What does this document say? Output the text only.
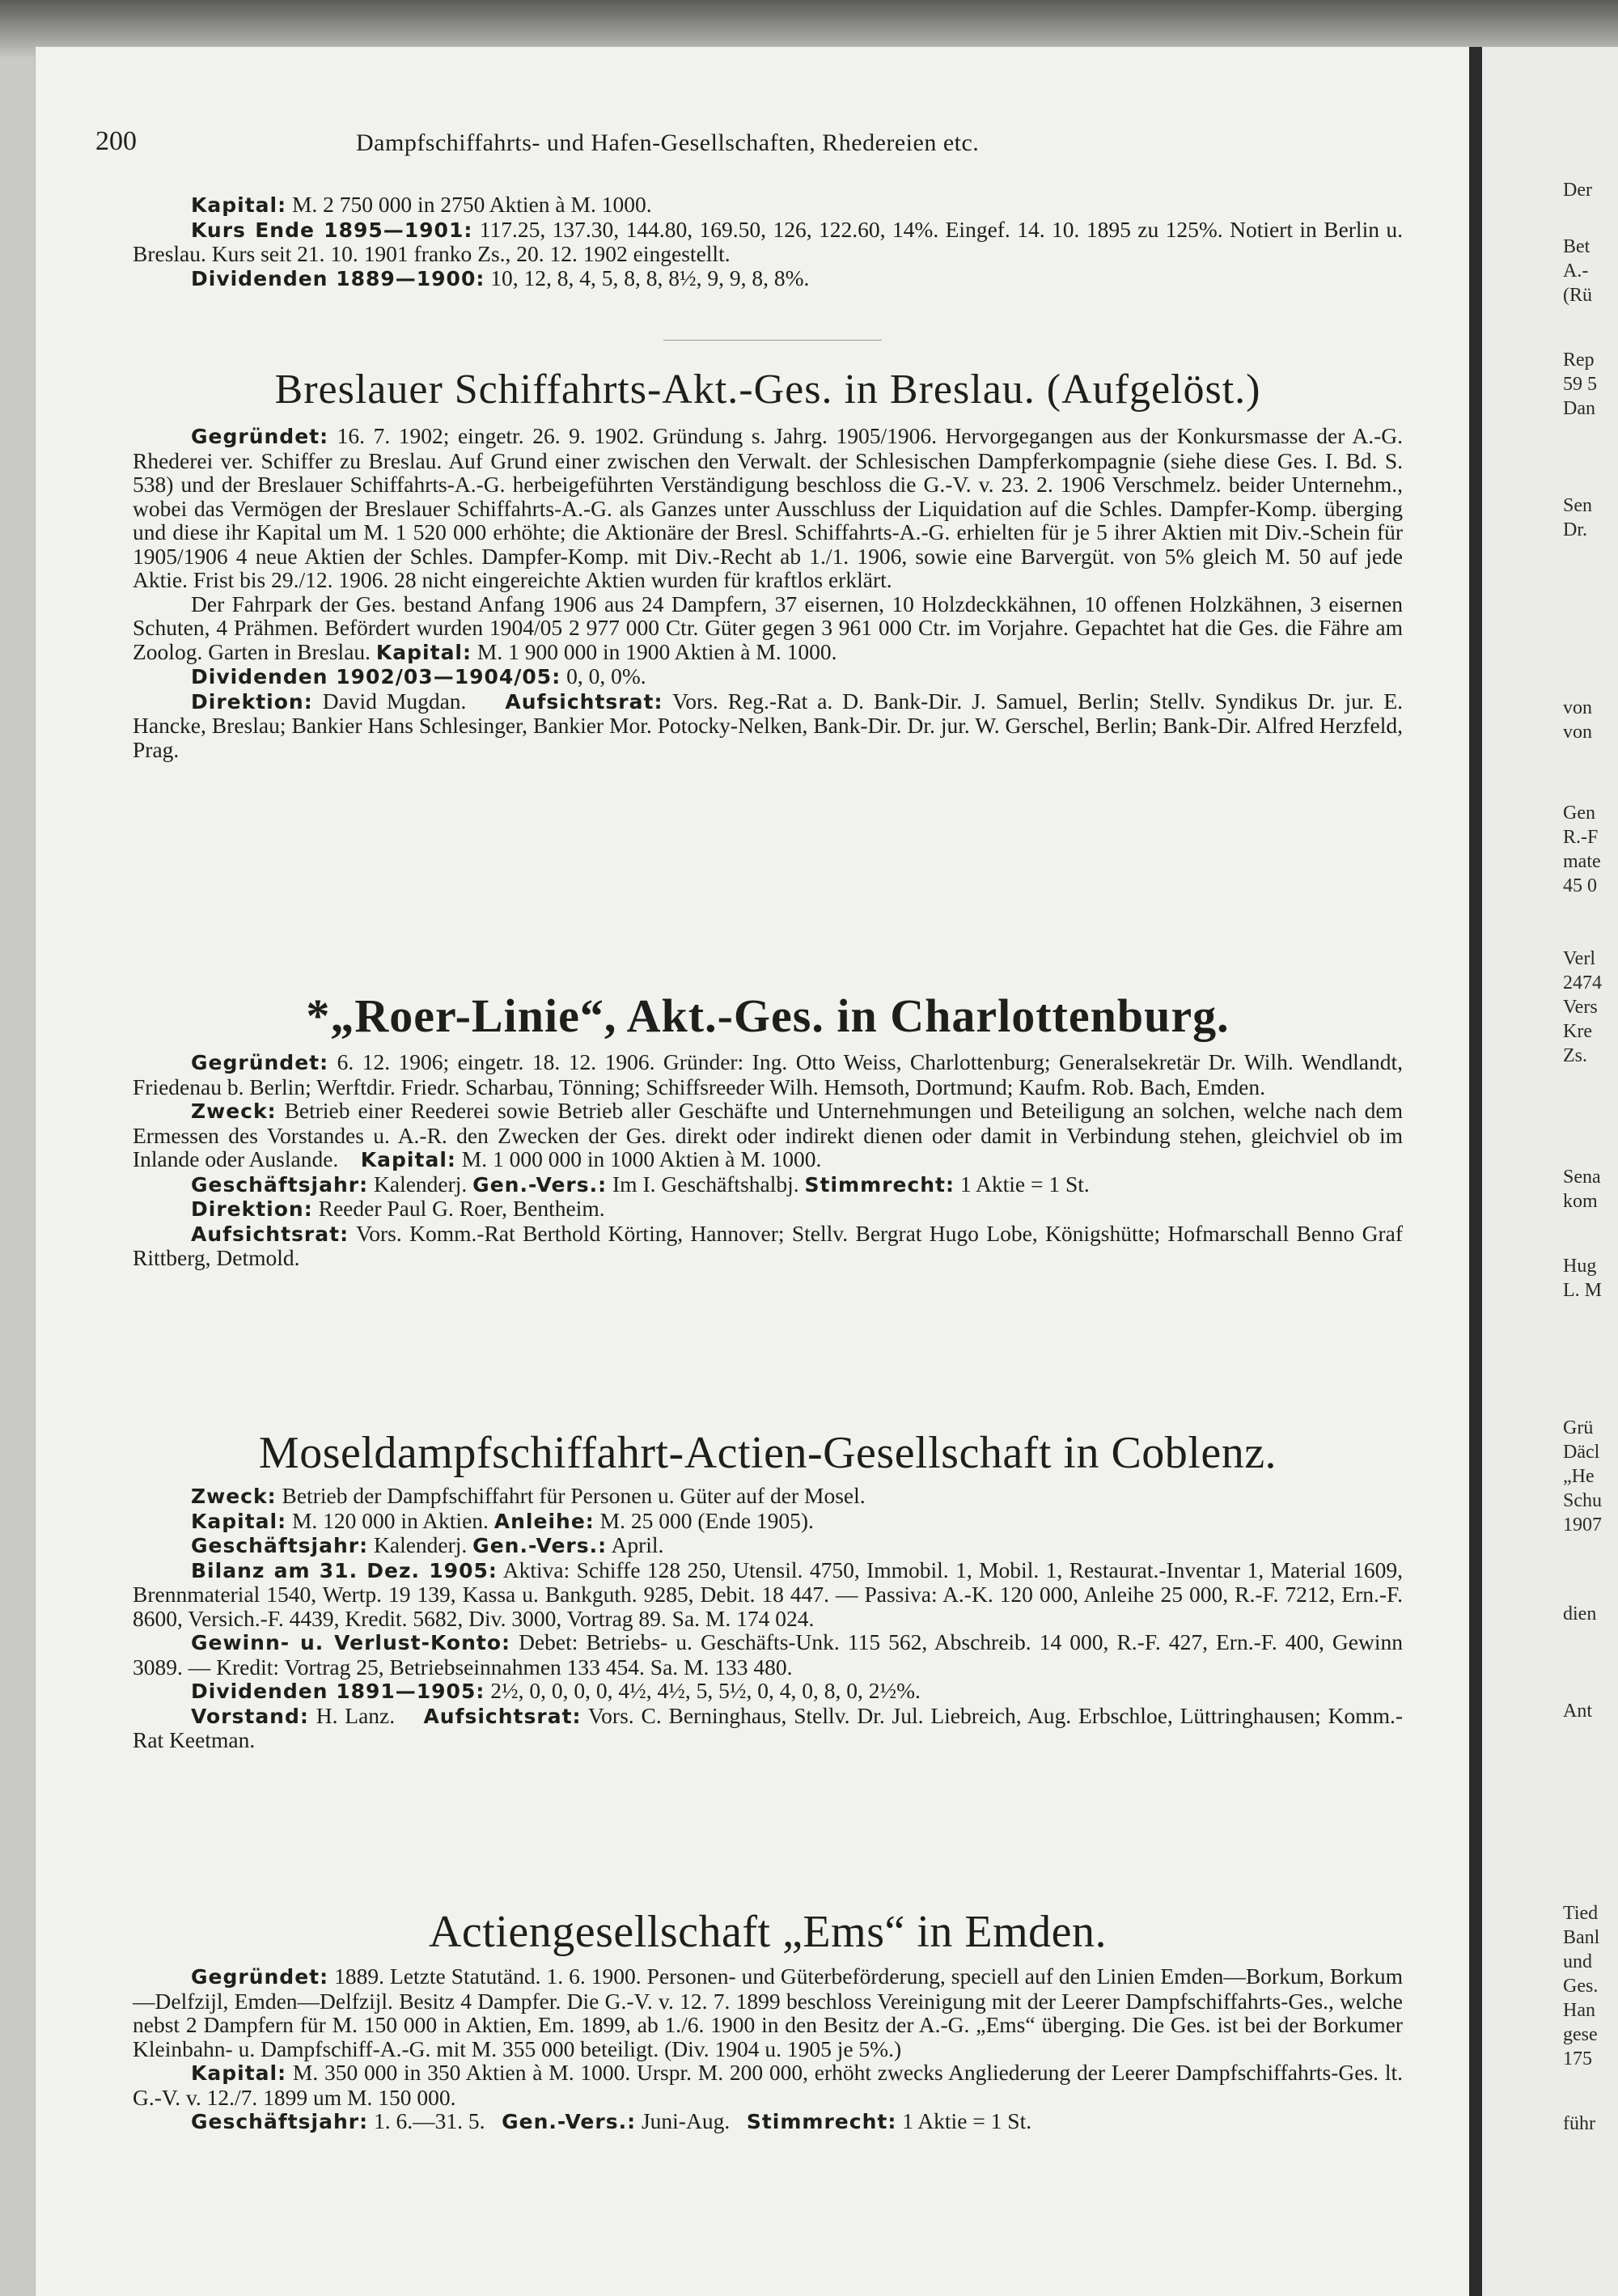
Der
Bet
A.-
(Rü
Rep
59 5
Dan
Sen
Dr.
von
von
Gen
R.-F
mate
45 0
Verl
2474
Vers
Kre
Zs.
Sena
kom
Hug
L. M
Grü
Däcl
„He
Schu
1907
dien
Ant
Tied
Banl
und
Ges.
Han
gese
175
führ
200	Dampfschiffahrts- und Hafen-Gesellschaften, Rhedereien etc.

Kapital: M. 2 750 000 in 2750 Aktien à M. 1000.

Kurs Ende 1895—1901: 117.25, 137.30, 144.80, 169.50, 126, 122.60, 14%. Eingef. 14. 10. 1895 zu 125%. Notiert in Berlin u. Breslau. Kurs seit 21. 10. 1901 franko Zs., 20. 12. 1902 eingestellt.

Dividenden 1889—1900: 10, 12, 8, 4, 5, 8, 8, 8½, 9, 9, 8, 8%.

Breslauer Schiffahrts-Akt.-Ges. in Breslau. (Aufgelöst.)

Gegründet: 16. 7. 1902; eingetr. 26. 9. 1902. Gründung s. Jahrg. 1905/1906. Hervorgegangen aus der Konkursmasse der A.-G. Rhederei ver. Schiffer zu Breslau. Auf Grund einer zwischen den Verwalt. der Schlesischen Dampferkompagnie (siehe diese Ges. I. Bd. S. 538) und der Breslauer Schiffahrts-A.-G. herbeigeführten Verständigung beschloss die G.-V. v. 23. 2. 1906 Verschmelz. beider Unternehm., wobei das Vermögen der Breslauer Schiffahrts-A.-G. als Ganzes unter Ausschluss der Liquidation auf die Schles. Dampfer-Komp. überging und diese ihr Kapital um M. 1 520 000 erhöhte; die Aktionäre der Bresl. Schiffahrts-A.-G. erhielten für je 5 ihrer Aktien mit Div.-Schein für 1905/1906 4 neue Aktien der Schles. Dampfer-Komp. mit Div.-Recht ab 1./1. 1906, sowie eine Barvergüt. von 5% gleich M. 50 auf jede Aktie. Frist bis 29./12. 1906. 28 nicht eingereichte Aktien wurden für kraftlos erklärt.

Der Fahrpark der Ges. bestand Anfang 1906 aus 24 Dampfern, 37 eisernen, 10 Holzdeckkähnen, 10 offenen Holzkähnen, 3 eisernen Schuten, 4 Prähmen. Befördert wurden 1904/05 2 977 000 Ctr. Güter gegen 3 961 000 Ctr. im Vorjahre. Gepachtet hat die Ges. die Fähre am Zoolog. Garten in Breslau. Kapital: M. 1 900 000 in 1900 Aktien à M. 1000.

Dividenden 1902/03—1904/05: 0, 0, 0%.

Direktion: David Mugdan. Aufsichtsrat: Vors. Reg.-Rat a. D. Bank-Dir. J. Samuel, Berlin; Stellv. Syndikus Dr. jur. E. Hancke, Breslau; Bankier Hans Schlesinger, Bankier Mor. Potocky-Nelken, Bank-Dir. Dr. jur. W. Gerschel, Berlin; Bank-Dir. Alfred Herzfeld, Prag.

*„Roer-Linie“, Akt.-Ges. in Charlottenburg.

Gegründet: 6. 12. 1906; eingetr. 18. 12. 1906. Gründer: Ing. Otto Weiss, Charlottenburg; Generalsekretär Dr. Wilh. Wendlandt, Friedenau b. Berlin; Werftdir. Friedr. Scharbau, Tönning; Schiffsreeder Wilh. Hemsoth, Dortmund; Kaufm. Rob. Bach, Emden.

Zweck: Betrieb einer Reederei sowie Betrieb aller Geschäfte und Unternehmungen und Beteiligung an solchen, welche nach dem Ermessen des Vorstandes u. A.-R. den Zwecken der Ges. direkt oder indirekt dienen oder damit in Verbindung stehen, gleichviel ob im Inlande oder Auslande. Kapital: M. 1 000 000 in 1000 Aktien à M. 1000.

Geschäftsjahr: Kalenderj. Gen.-Vers.: Im I. Geschäftshalbj. Stimmrecht: 1 Aktie = 1 St.

Direktion: Reeder Paul G. Roer, Bentheim.

Aufsichtsrat: Vors. Komm.-Rat Berthold Körting, Hannover; Stellv. Bergrat Hugo Lobe, Königshütte; Hofmarschall Benno Graf Rittberg, Detmold.

Moseldampfschiffahrt-Actien-Gesellschaft in Coblenz.

Zweck: Betrieb der Dampfschiffahrt für Personen u. Güter auf der Mosel.

Kapital: M. 120 000 in Aktien. Anleihe: M. 25 000 (Ende 1905).

Geschäftsjahr: Kalenderj. Gen.-Vers.: April.

Bilanz am 31. Dez. 1905: Aktiva: Schiffe 128 250, Utensil. 4750, Immobil. 1, Mobil. 1, Restaurat.-Inventar 1, Material 1609, Brennmaterial 1540, Wertp. 19 139, Kassa u. Bankguth. 9285, Debit. 18 447. — Passiva: A.-K. 120 000, Anleihe 25 000, R.-F. 7212, Ern.-F. 8600, Versich.-F. 4439, Kredit. 5682, Div. 3000, Vortrag 89. Sa. M. 174 024.

Gewinn- u. Verlust-Konto: Debet: Betriebs- u. Geschäfts-Unk. 115 562, Abschreib. 14 000, R.-F. 427, Ern.-F. 400, Gewinn 3089. — Kredit: Vortrag 25, Betriebseinnahmen 133 454. Sa. M. 133 480.

Dividenden 1891—1905: 2½, 0, 0, 0, 0, 4½, 4½, 5, 5½, 0, 4, 0, 8, 0, 2½%.

Vorstand: H. Lanz. Aufsichtsrat: Vors. C. Berninghaus, Stellv. Dr. Jul. Liebreich, Aug. Erbschloe, Lüttringhausen; Komm.-Rat Keetman.

Actiengesellschaft „Ems“ in Emden.

Gegründet: 1889. Letzte Statutänd. 1. 6. 1900. Personen- und Güterbeförderung, speciell auf den Linien Emden—Borkum, Borkum—Delfzijl, Emden—Delfzijl. Besitz 4 Dampfer. Die G.-V. v. 12. 7. 1899 beschloss Vereinigung mit der Leerer Dampfschiffahrts-Ges., welche nebst 2 Dampfern für M. 150 000 in Aktien, Em. 1899, ab 1./6. 1900 in den Besitz der A.-G. „Ems“ überging. Die Ges. ist bei der Borkumer Kleinbahn- u. Dampfschiff-A.-G. mit M. 355 000 beteiligt. (Div. 1904 u. 1905 je 5%.)

Kapital: M. 350 000 in 350 Aktien à M. 1000. Urspr. M. 200 000, erhöht zwecks Angliederung der Leerer Dampfschiffahrts-Ges. lt. G.-V. v. 12./7. 1899 um M. 150 000.

Geschäftsjahr: 1. 6.—31. 5. Gen.-Vers.: Juni-Aug. Stimmrecht: 1 Aktie = 1 St.
